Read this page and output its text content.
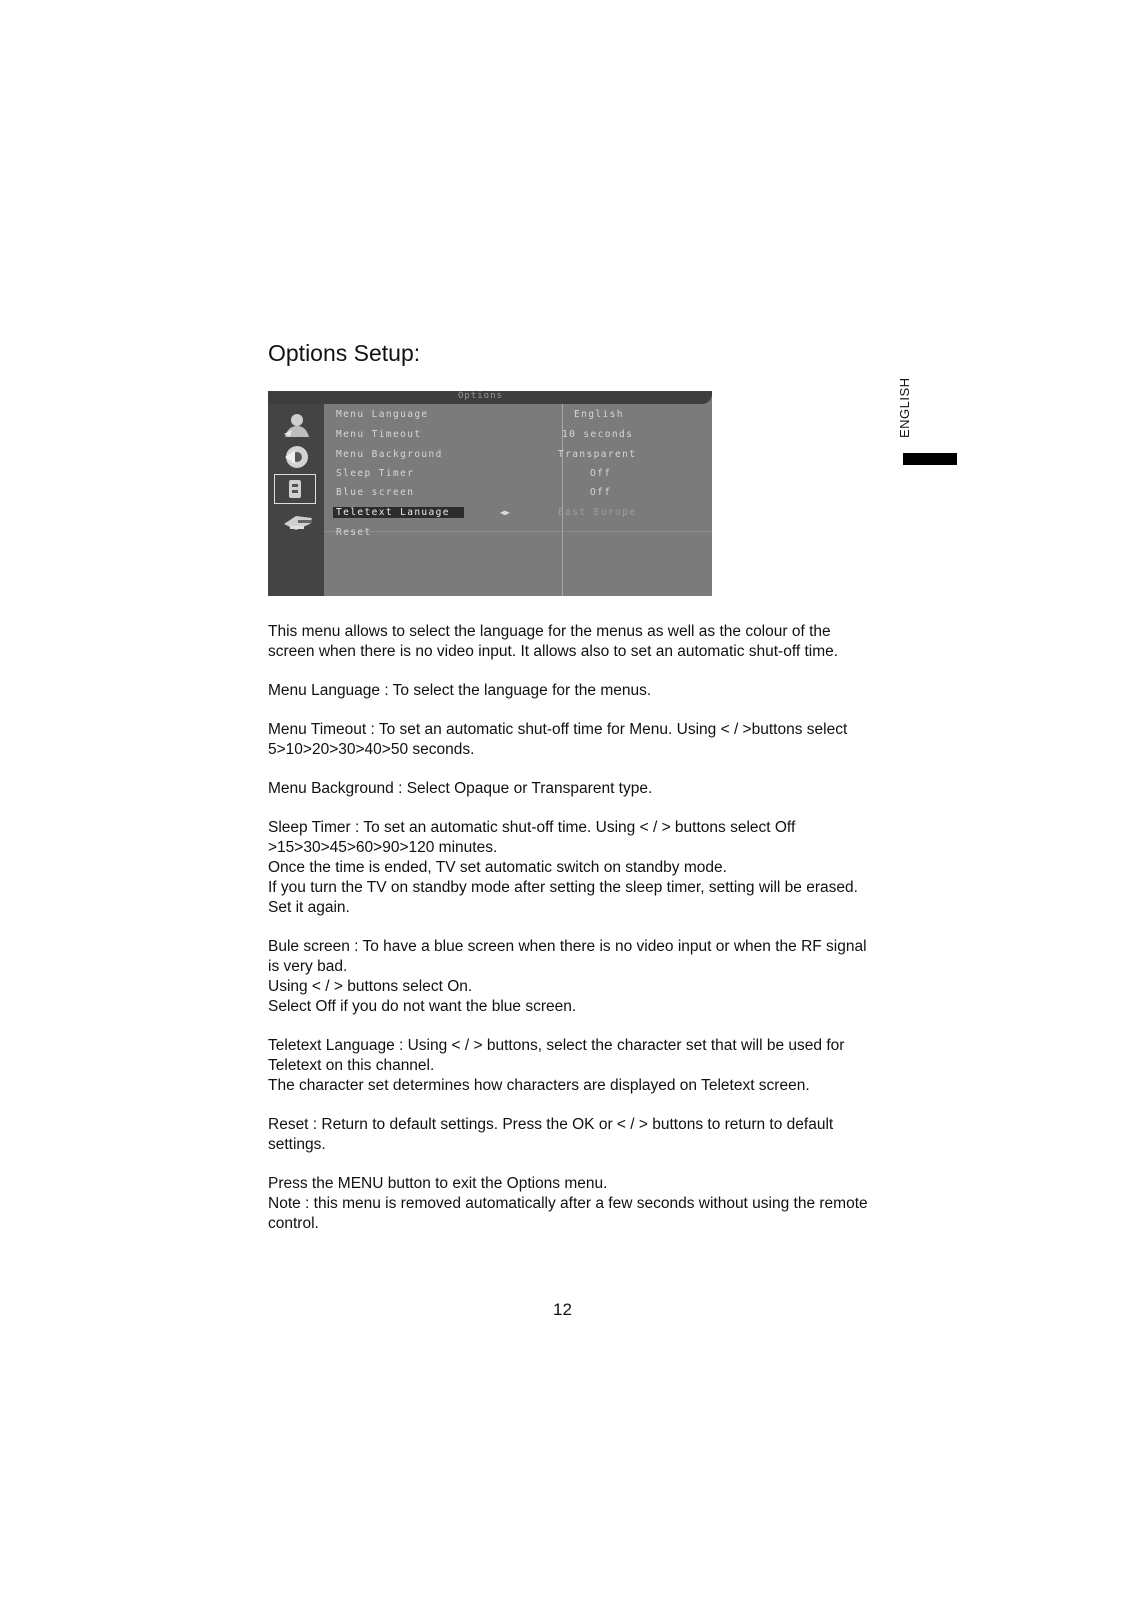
Options Setup:
ENGLISH
Options
Menu Language	English
Menu Timeout	10 seconds
Menu Background	Transparent
Sleep Timer	Off
Blue screen	Off
Teletext Lanuage	◀▶	East Europe
Reset

This menu allows to select the language for the menus as well as the colour of the screen when there is no video input. It allows also to set an automatic shut-off time.

Menu Language : To select the language for the menus.

Menu Timeout : To set an automatic shut-off time for Menu. Using < / >buttons select 5>10>20>30>40>50 seconds.

Menu Background : Select Opaque or Transparent type.

Sleep Timer : To set an automatic shut-off time. Using < / > buttons select Off >15>30>45>60>90>120 minutes.
Once the time is ended, TV set automatic switch on standby mode.
If you turn the TV on standby mode after setting the sleep timer, setting will be erased. Set it again.

Bule screen : To have a blue screen when there is no video input or when the RF signal is very bad.
Using < / > buttons select On.
Select Off if you do not want the blue screen.

Teletext Language : Using < / > buttons, select the character set that will be used for Teletext on this channel.
The character set determines how characters are displayed on Teletext screen.

Reset : Return to default settings. Press the OK or < / > buttons to return to default settings.

Press the MENU button to exit the Options menu.
Note : this menu is removed automatically after a few seconds without using the remote control.

12
